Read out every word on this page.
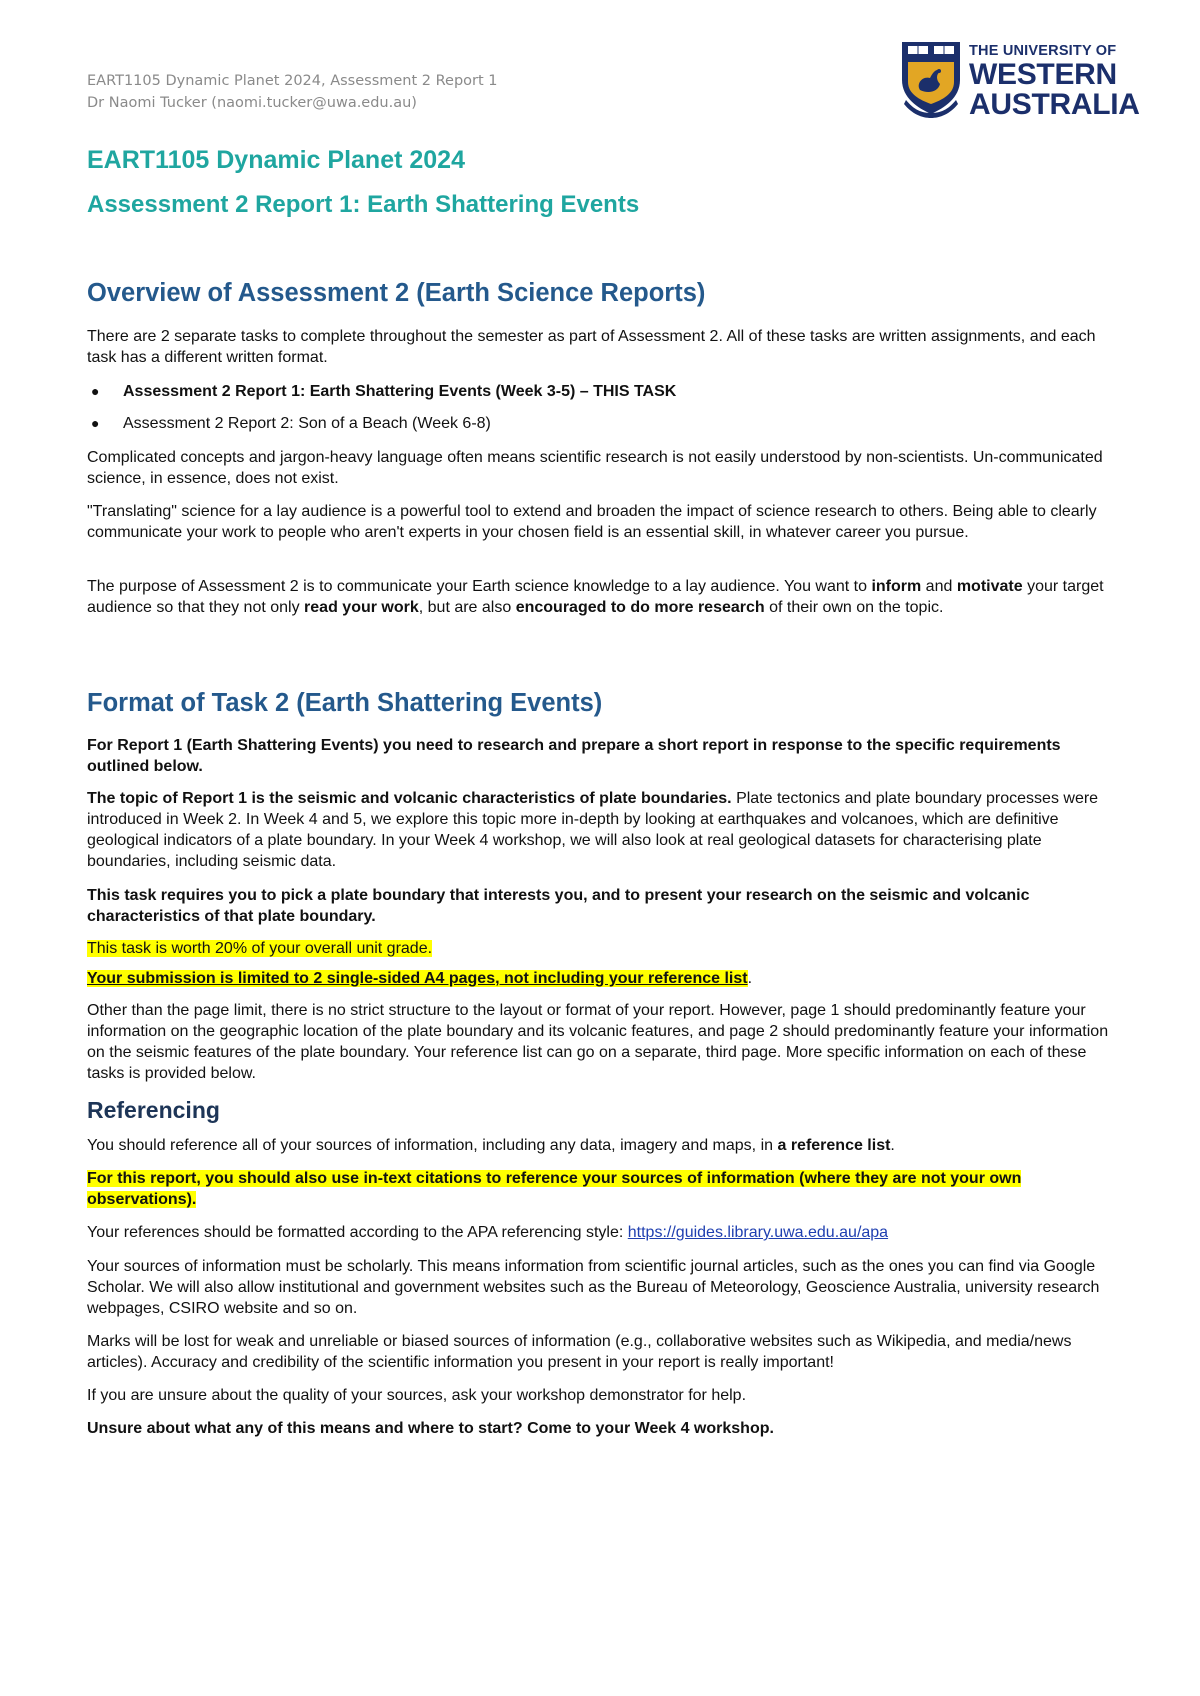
EART1105 Dynamic Planet 2024, Assessment 2 Report 1
Dr Naomi Tucker (naomi.tucker@uwa.edu.au)
THE UNIVERSITY OF
WESTERN
AUSTRALIA
EART1105 Dynamic Planet 2024
Assessment 2 Report 1: Earth Shattering Events
Overview of Assessment 2 (Earth Science Reports)
There are 2 separate tasks to complete throughout the semester as part of Assessment 2. All of these tasks are written assignments, and each task has a different written format.
● Assessment 2 Report 1: Earth Shattering Events (Week 3-5) – THIS TASK
● Assessment 2 Report 2: Son of a Beach (Week 6-8)
Complicated concepts and jargon-heavy language often means scientific research is not easily understood by non-scientists. Un-communicated science, in essence, does not exist.
"Translating" science for a lay audience is a powerful tool to extend and broaden the impact of science research to others. Being able to clearly communicate your work to people who aren't experts in your chosen field is an essential skill, in whatever career you pursue.
The purpose of Assessment 2 is to communicate your Earth science knowledge to a lay audience. You want to inform and motivate your target audience so that they not only read your work, but are also encouraged to do more research of their own on the topic.
Format of Task 2 (Earth Shattering Events)
For Report 1 (Earth Shattering Events) you need to research and prepare a short report in response to the specific requirements outlined below.
The topic of Report 1 is the seismic and volcanic characteristics of plate boundaries. Plate tectonics and plate boundary processes were introduced in Week 2. In Week 4 and 5, we explore this topic more in-depth by looking at earthquakes and volcanoes, which are definitive geological indicators of a plate boundary. In your Week 4 workshop, we will also look at real geological datasets for characterising plate boundaries, including seismic data.
This task requires you to pick a plate boundary that interests you, and to present your research on the seismic and volcanic characteristics of that plate boundary.
This task is worth 20% of your overall unit grade.
Your submission is limited to 2 single-sided A4 pages, not including your reference list.
Other than the page limit, there is no strict structure to the layout or format of your report. However, page 1 should predominantly feature your information on the geographic location of the plate boundary and its volcanic features, and page 2 should predominantly feature your information on the seismic features of the plate boundary. Your reference list can go on a separate, third page. More specific information on each of these tasks is provided below.
Referencing
You should reference all of your sources of information, including any data, imagery and maps, in a reference list.
For this report, you should also use in-text citations to reference your sources of information (where they are not your own observations).
Your references should be formatted according to the APA referencing style: https://guides.library.uwa.edu.au/apa
Your sources of information must be scholarly. This means information from scientific journal articles, such as the ones you can find via Google Scholar. We will also allow institutional and government websites such as the Bureau of Meteorology, Geoscience Australia, university research webpages, CSIRO website and so on.
Marks will be lost for weak and unreliable or biased sources of information (e.g., collaborative websites such as Wikipedia, and media/news articles). Accuracy and credibility of the scientific information you present in your report is really important!
If you are unsure about the quality of your sources, ask your workshop demonstrator for help.
Unsure about what any of this means and where to start? Come to your Week 4 workshop.
